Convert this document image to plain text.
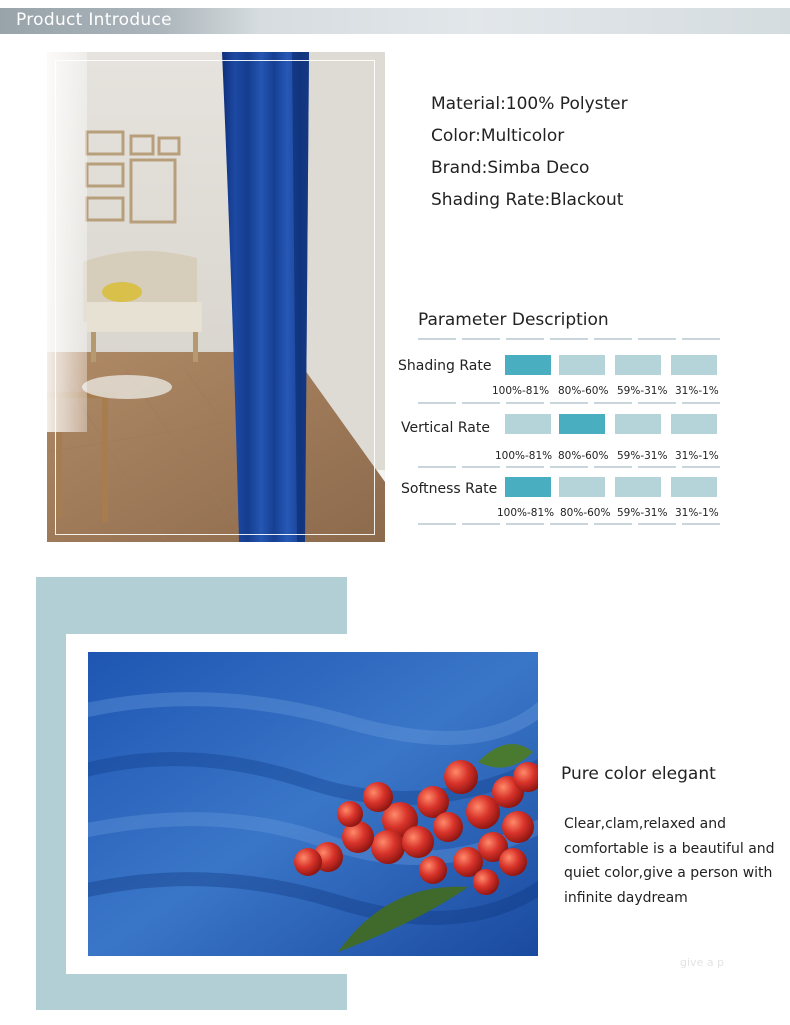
Product Introduce
Material:100% Polyster
Color:Multicolor
Brand:Simba Deco
Shading Rate:Blackout
Parameter Description
Shading Rate
100%-81% 80%-60% 59%-31% 31%-1%
Vertical Rate
100%-81% 80%-60% 59%-31% 31%-1%
Softness Rate
100%-81% 80%-60% 59%-31% 31%-1%
Pure color elegant
Clear,clam,relaxed and comfortable is a beautiful and quiet color,give a person with infinite daydream
give a p
